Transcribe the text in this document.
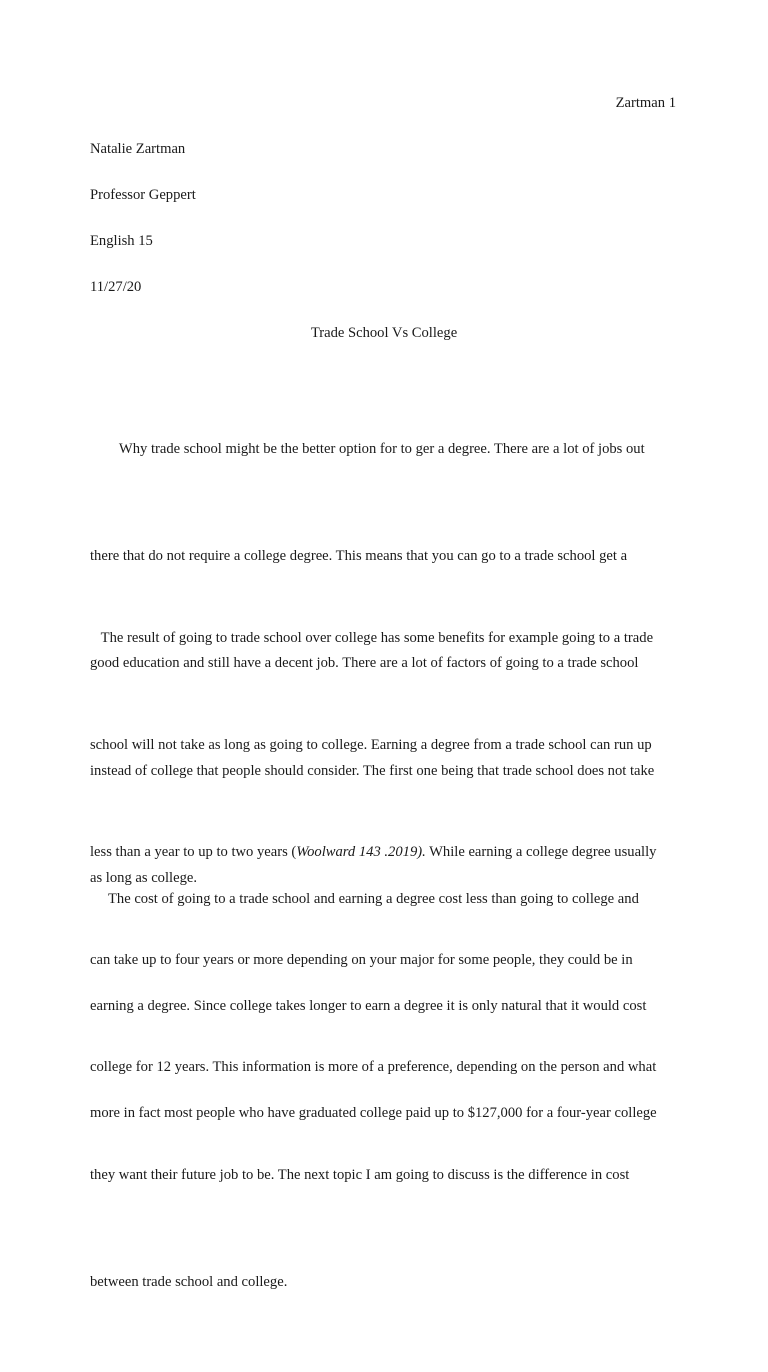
Zartman 1
Natalie Zartman
Professor Geppert
English 15
11/27/20
Trade School Vs College

Why trade school might be the better option for to ger a degree. There are a lot of jobs out

there that do not require a college degree. This means that you can go to a trade school get a

good education and still have a decent job. There are a lot of factors of going to a trade school

instead of college that people should consider. The first one being that trade school does not take

as long as college.

The result of going to trade school over college has some benefits for example going to a trade

school will not take as long as going to college. Earning a degree from a trade school can run up

less than a year to up to two years (Woolward 143 .2019). While earning a college degree usually

can take up to four years or more depending on your major for some people, they could be in

college for 12 years. This information is more of a preference, depending on the person and what

they want their future job to be. The next topic I am going to discuss is the difference in cost

between trade school and college.

The cost of going to a trade school and earning a degree cost less than going to college and

earning a degree. Since college takes longer to earn a degree it is only natural that it would cost

more in fact most people who have graduated college paid up to $127,000 for a four-year college
